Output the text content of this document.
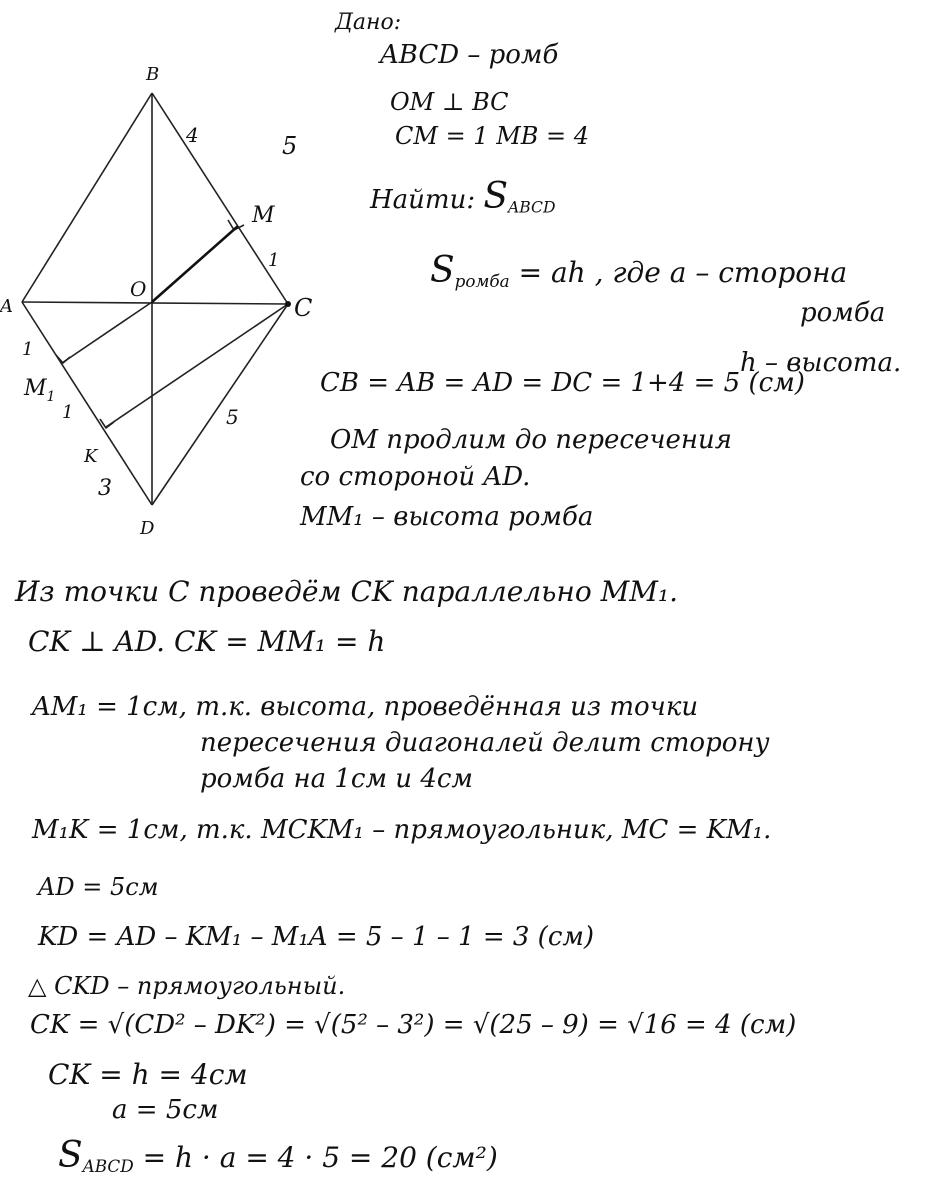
B
A	C
D
O
M
$M_1$
K
4
1
5
1
1
3
5
Дано:
ABCD – ромб
OM ⊥ BC
CM = 1 MB = 4
Найти: SABCD
Sромба = ah , где a – сторона
ромба
h – высота.
CB = AB = AD = DC = 1+4 = 5 (см)
OM продлим до пересечения
со стороной AD.
MM₁ – высота ромба
Из точки C проведём CK параллельно MM₁.
CK ⊥ AD. CK = MM₁ = h
AM₁ = 1см, т.к. высота, проведённая из точки
пересечения диагоналей делит сторону
ромба на 1см и 4см
M₁K = 1см, т.к. MCKM₁ – прямоугольник, MC = KM₁.
AD = 5см
KD = AD – KM₁ – M₁A = 5 – 1 – 1 = 3 (см)
△ CKD – прямоугольный.
CK = √(CD² – DK²) = √(5² – 3²) = √(25 – 9) = √16 = 4 (см)
CK = h = 4см
a = 5см
SABCD = h · a = 4 · 5 = 20 (см²)
